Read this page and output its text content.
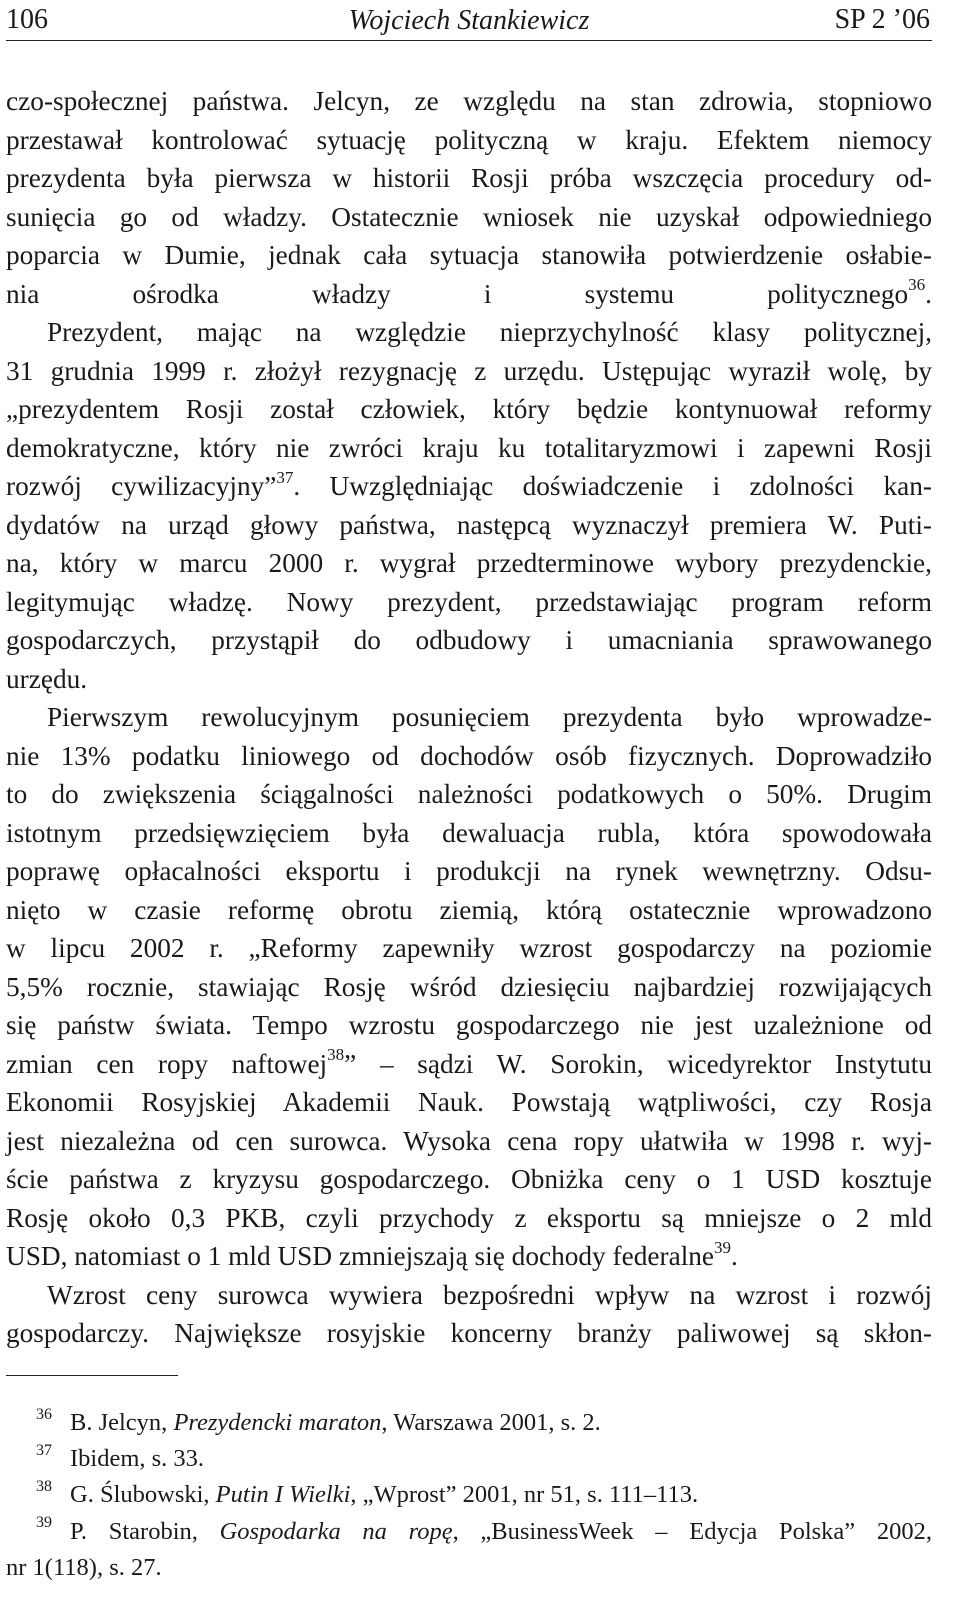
106	Wojciech Stankiewicz	SP 2 ’06

czo-społecznej państwa. Jelcyn, ze względu na stan zdrowia, stopniowo
przestawał kontrolować sytuację polityczną w kraju. Efektem niemocy
prezydenta była pierwsza w historii Rosji próba wszczęcia procedury od-
sunięcia go od władzy. Ostatecznie wniosek nie uzyskał odpowiedniego
poparcia w Dumie, jednak cała sytuacja stanowiła potwierdzenie osłabie-
nia ośrodka władzy i systemu politycznego$^{36}$.

Prezydent, mając na względzie nieprzychylność klasy politycznej,
31 grudnia 1999 r. złożył rezygnację z urzędu. Ustępując wyraził wolę, by
„prezydentem Rosji został człowiek, który będzie kontynuował reformy
demokratyczne, który nie zwróci kraju ku totalitaryzmowi i zapewni Rosji
rozwój cywilizacyjny”$^{37}$. Uwzględniając doświadczenie i zdolności kan-
dydatów na urząd głowy państwa, następcą wyznaczył premiera W. Puti-
na, który w marcu 2000 r. wygrał przedterminowe wybory prezydenckie,
legitymując władzę. Nowy prezydent, przedstawiając program reform
gospodarczych, przystąpił do odbudowy i umacniania sprawowanego
urzędu.

Pierwszym rewolucyjnym posunięciem prezydenta było wprowadze-
nie 13% podatku liniowego od dochodów osób fizycznych. Doprowadziło
to do zwiększenia ściągalności należności podatkowych o 50%. Drugim
istotnym przedsięwzięciem była dewaluacja rubla, która spowodowała
poprawę opłacalności eksportu i produkcji na rynek wewnętrzny. Odsu-
nięto w czasie reformę obrotu ziemią, którą ostatecznie wprowadzono
w lipcu 2002 r. „Reformy zapewniły wzrost gospodarczy na poziomie
5,5% rocznie, stawiając Rosję wśród dziesięciu najbardziej rozwijających
się państw świata. Tempo wzrostu gospodarczego nie jest uzależnione od
zmian cen ropy naftowej$^{38}$” – sądzi W. Sorokin, wicedyrektor Instytutu
Ekonomii Rosyjskiej Akademii Nauk. Powstają wątpliwości, czy Rosja
jest niezależna od cen surowca. Wysoka cena ropy ułatwiła w 1998 r. wyj-
ście państwa z kryzysu gospodarczego. Obniżka ceny o 1 USD kosztuje
Rosję około 0,3 PKB, czyli przychody z eksportu są mniejsze o 2 mld
USD, natomiast o 1 mld USD zmniejszają się dochody federalne$^{39}$.

Wzrost ceny surowca wywiera bezpośredni wpływ na wzrost i rozwój
gospodarczy. Największe rosyjskie koncerny branży paliwowej są skłon-

36 B. Jelcyn, Prezydencki maraton, Warszawa 2001, s. 2.
37 Ibidem, s. 33.
38 G. Ślubowski, Putin I Wielki, „Wprost” 2001, nr 51, s. 111–113.
39 P. Starobin, Gospodarka na ropę, „BusinessWeek – Edycja Polska” 2002,
nr 1(118), s. 27.
